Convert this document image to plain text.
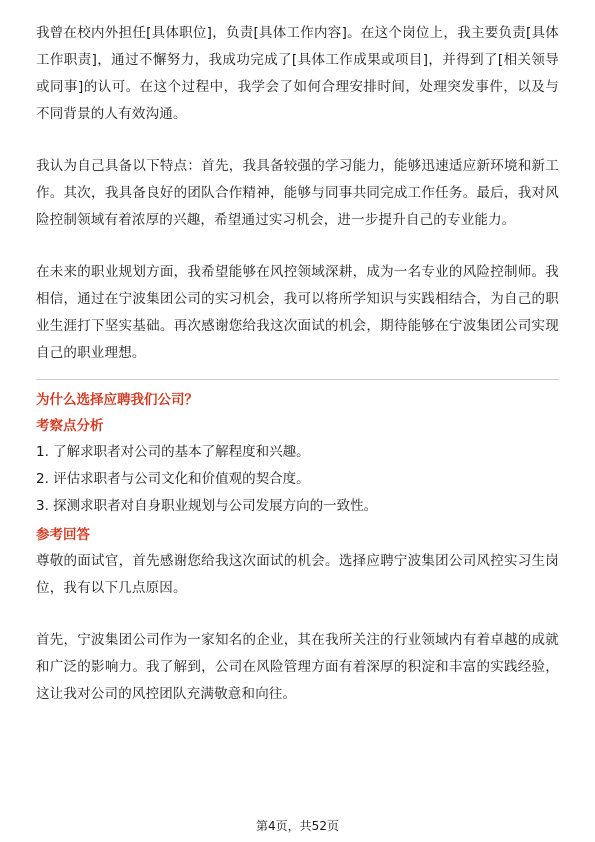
我曾在校内外担任[具体职位]，负责[具体工作内容]。在这个岗位上，我主要负责[具体工作职责]，通过不懈努力，我成功完成了[具体工作成果或项目]，并得到了[相关领导或同事]的认可。在这个过程中，我学会了如何合理安排时间，处理突发事件，以及与不同背景的人有效沟通。

我认为自己具备以下特点：首先，我具备较强的学习能力，能够迅速适应新环境和新工作。其次，我具备良好的团队合作精神，能够与同事共同完成工作任务。最后，我对风险控制领域有着浓厚的兴趣，希望通过实习机会，进一步提升自己的专业能力。

在未来的职业规划方面，我希望能够在风控领域深耕，成为一名专业的风险控制师。我相信，通过在宁波集团公司的实习机会，我可以将所学知识与实践相结合，为自己的职业生涯打下坚实基础。再次感谢您给我这次面试的机会，期待能够在宁波集团公司实现自己的职业理想。

为什么选择应聘我们公司？
考察点分析

1. 了解求职者对公司的基本了解程度和兴趣。

2. 评估求职者与公司文化和价值观的契合度。

3. 探测求职者对自身职业规划与公司发展方向的一致性。

参考回答

尊敬的面试官，首先感谢您给我这次面试的机会。选择应聘宁波集团公司风控实习生岗位，我有以下几点原因。

首先，宁波集团公司作为一家知名的企业，其在我所关注的行业领域内有着卓越的成就和广泛的影响力。我了解到，公司在风险管理方面有着深厚的积淀和丰富的实践经验，这让我对公司的风控团队充满敬意和向往。

第4页，共52页
